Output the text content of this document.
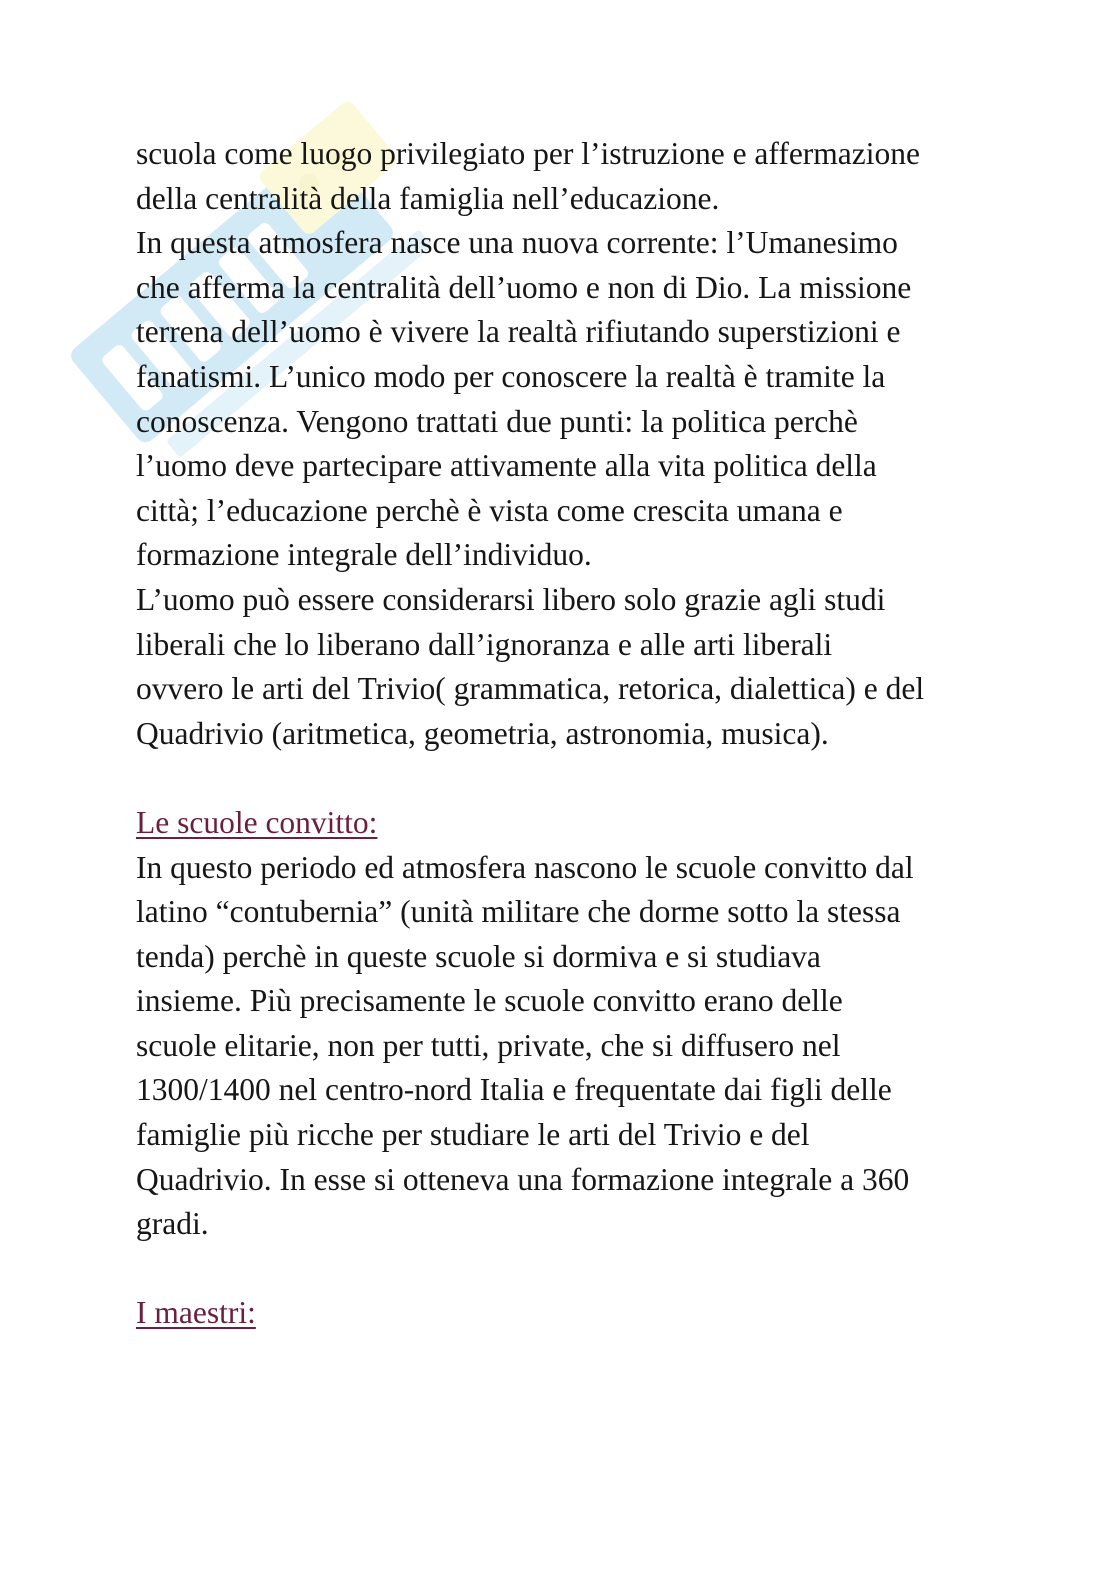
scuola come luogo privilegiato per l’istruzione e affermazione
della centralità della famiglia nell’educazione.
In questa atmosfera nasce una nuova corrente: l’Umanesimo
che afferma la centralità dell’uomo e non di Dio. La missione
terrena dell’uomo è vivere la realtà rifiutando superstizioni e
fanatismi. L’unico modo per conoscere la realtà è tramite la
conoscenza. Vengono trattati due punti: la politica perchè
l’uomo deve partecipare attivamente alla vita politica della
città; l’educazione perchè è vista come crescita umana e
formazione integrale dell’individuo.
L’uomo può essere considerarsi libero solo grazie agli studi
liberali che lo liberano dall’ignoranza e alle arti liberali
ovvero le arti del Trivio( grammatica, retorica, dialettica) e del
Quadrivio (aritmetica, geometria, astronomia, musica).
Le scuole convitto:
In questo periodo ed atmosfera nascono le scuole convitto dal
latino “contubernia” (unità militare che dorme sotto la stessa
tenda) perchè in queste scuole si dormiva e si studiava
insieme. Più precisamente le scuole convitto erano delle
scuole elitarie, non per tutti, private, che si diffusero nel
1300/1400 nel centro-nord Italia e frequentate dai figli delle
famiglie più ricche per studiare le arti del Trivio e del
Quadrivio. In esse si otteneva una formazione integrale a 360
gradi.
I maestri:
